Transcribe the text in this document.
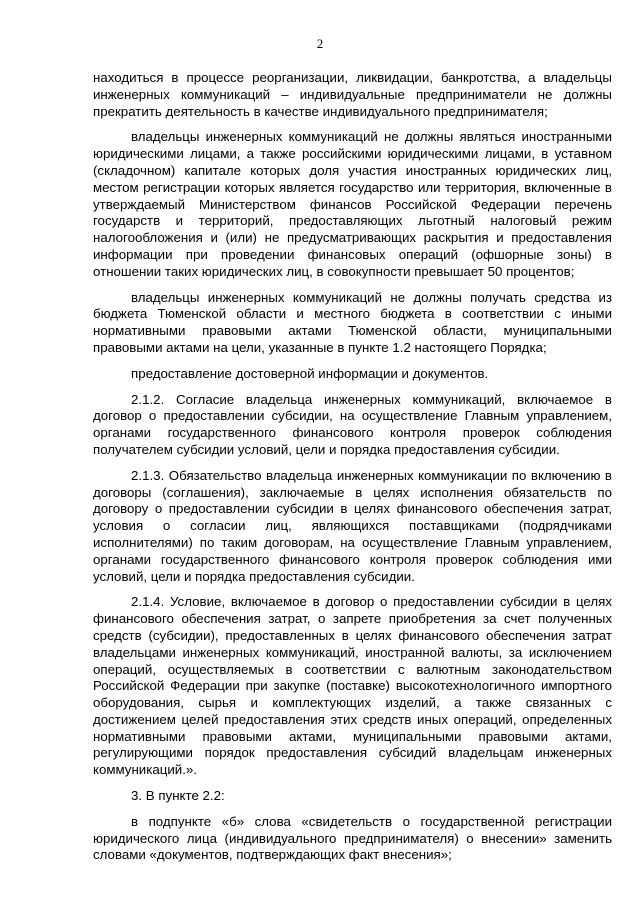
2

находиться в процессе реорганизации, ликвидации, банкротства, а владельцы инженерных коммуникаций – индивидуальные предприниматели не должны прекратить деятельность в качестве индивидуального предпринимателя;

владельцы инженерных коммуникаций не должны являться иностранными юридическими лицами, а также российскими юридическими лицами, в уставном (складочном) капитале которых доля участия иностранных юридических лиц, местом регистрации которых является государство или территория, включенные в утверждаемый Министерством финансов Российской Федерации перечень государств и территорий, предоставляющих льготный налоговый режим налогообложения и (или) не предусматривающих раскрытия и предоставления информации при проведении финансовых операций (офшорные зоны) в отношении таких юридических лиц, в совокупности превышает 50 процентов;

владельцы инженерных коммуникаций не должны получать средства из бюджета Тюменской области и местного бюджета в соответствии с иными нормативными правовыми актами Тюменской области, муниципальными правовыми актами на цели, указанные в пункте 1.2 настоящего Порядка;

предоставление достоверной информации и документов.

2.1.2. Согласие владельца инженерных коммуникаций, включаемое в договор о предоставлении субсидии, на осуществление Главным управлением, органами государственного финансового контроля проверок соблюдения получателем субсидии условий, цели и порядка предоставления субсидии.

2.1.3. Обязательство владельца инженерных коммуникации по включению в договоры (соглашения), заключаемые в целях исполнения обязательств по договору о предоставлении субсидии в целях финансового обеспечения затрат, условия о согласии лиц, являющихся поставщиками (подрядчиками исполнителями) по таким договорам, на осуществление Главным управлением, органами государственного финансового контроля проверок соблюдения ими условий, цели и порядка предоставления субсидии.

2.1.4. Условие, включаемое в договор о предоставлении субсидии в целях финансового обеспечения затрат, о запрете приобретения за счет полученных средств (субсидии), предоставленных в целях финансового обеспечения затрат владельцами инженерных коммуникаций, иностранной валюты, за исключением операций, осуществляемых в соответствии с валютным законодательством Российской Федерации при закупке (поставке) высокотехнологичного импортного оборудования, сырья и комплектующих изделий, а также связанных с достижением целей предоставления этих средств иных операций, определенных нормативными правовыми актами, муниципальными правовыми актами, регулирующими порядок предоставления субсидий владельцам инженерных коммуникаций.».

3. В пункте 2.2:

в подпункте «б» слова «свидетельств о государственной регистрации юридического лица (индивидуального предпринимателя) о внесении» заменить словами «документов, подтверждающих факт внесения»;
